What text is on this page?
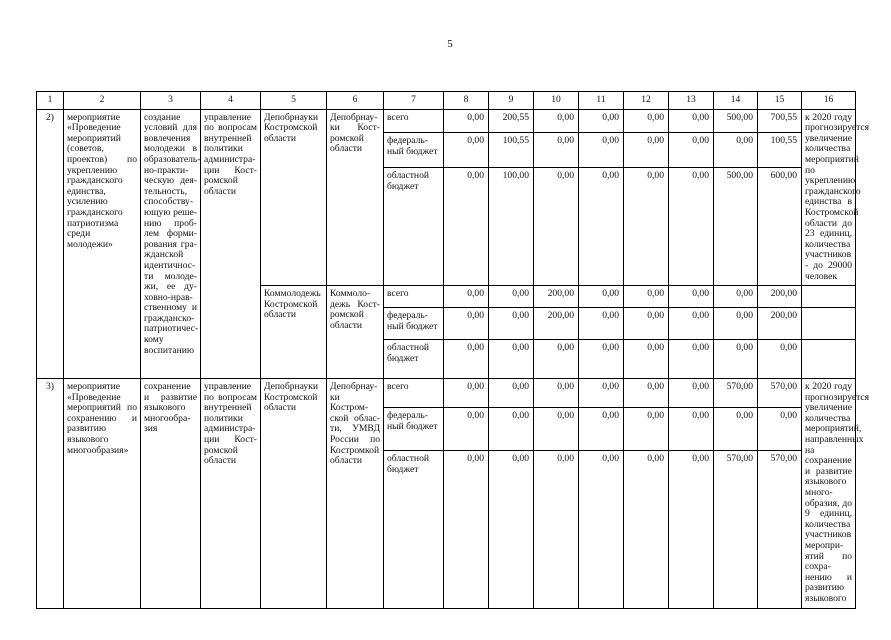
5
1	2	3	4	5	6	7	8	9	10	11	12	13	14	15	16
2)	мероприятие «Проведение мероприятий (советов, проектов) по укреплению гражданского единства, усилению гражданского патриотизма среди молодежи»	создание условий для вовлечения молодежи в образовательно-практическую деятельность, способствующую решению проблем формирования гражданской идентичности молодежи, ее духовно-нравственному и гражданско-патриотическому воспитанию	управление по вопросам внутренней политики администрации Костромской области	Депобрнауки Костромской области	Депобрнауки Костромской области	всего	0,00	200,55	0,00	0,00	0,00	0,00	500,00	700,55	к 2020 году прогнозируется увеличение количества мероприятий по укреплению гражданского единства в Костромской области до 23 единиц, количества участников - до 29000 человек
						федеральный бюджет	0,00	100,55	0,00	0,00	0,00	0,00	0,00	100,55	
						областной бюджет	0,00	100,00	0,00	0,00	0,00	0,00	500,00	600,00	
				Коммолодежь Костромской области	Коммолодежь Костромской области	всего	0,00	0,00	200,00	0,00	0,00	0,00	0,00	200,00	
						федеральный бюджет	0,00	0,00	200,00	0,00	0,00	0,00	0,00	200,00	
						областной бюджет	0,00	0,00	0,00	0,00	0,00	0,00	0,00	0,00	
3)	мероприятие «Проведение мероприятий по сохранению и развитию языкового многообразия»	сохранение и развитие языкового многообразия	управление по вопросам внутренней политики администрации Костромской области	Депобрнауки Костромской области	Депобрнауки Костромской области, УМВД России по Костромкой области	всего	0,00	0,00	0,00	0,00	0,00	0,00	570,00	570,00	к 2020 году прогнозируется увеличение количества мероприятий, направленных на сохранение и развитие языкового многообразия, до 9 единиц, количества участников мероприятий по сохранению и развитию языкового
						федеральный бюджет	0,00	0,00	0,00	0,00	0,00	0,00	0,00	0,00	
						областной бюджет	0,00	0,00	0,00	0,00	0,00	0,00	570,00	570,00	
